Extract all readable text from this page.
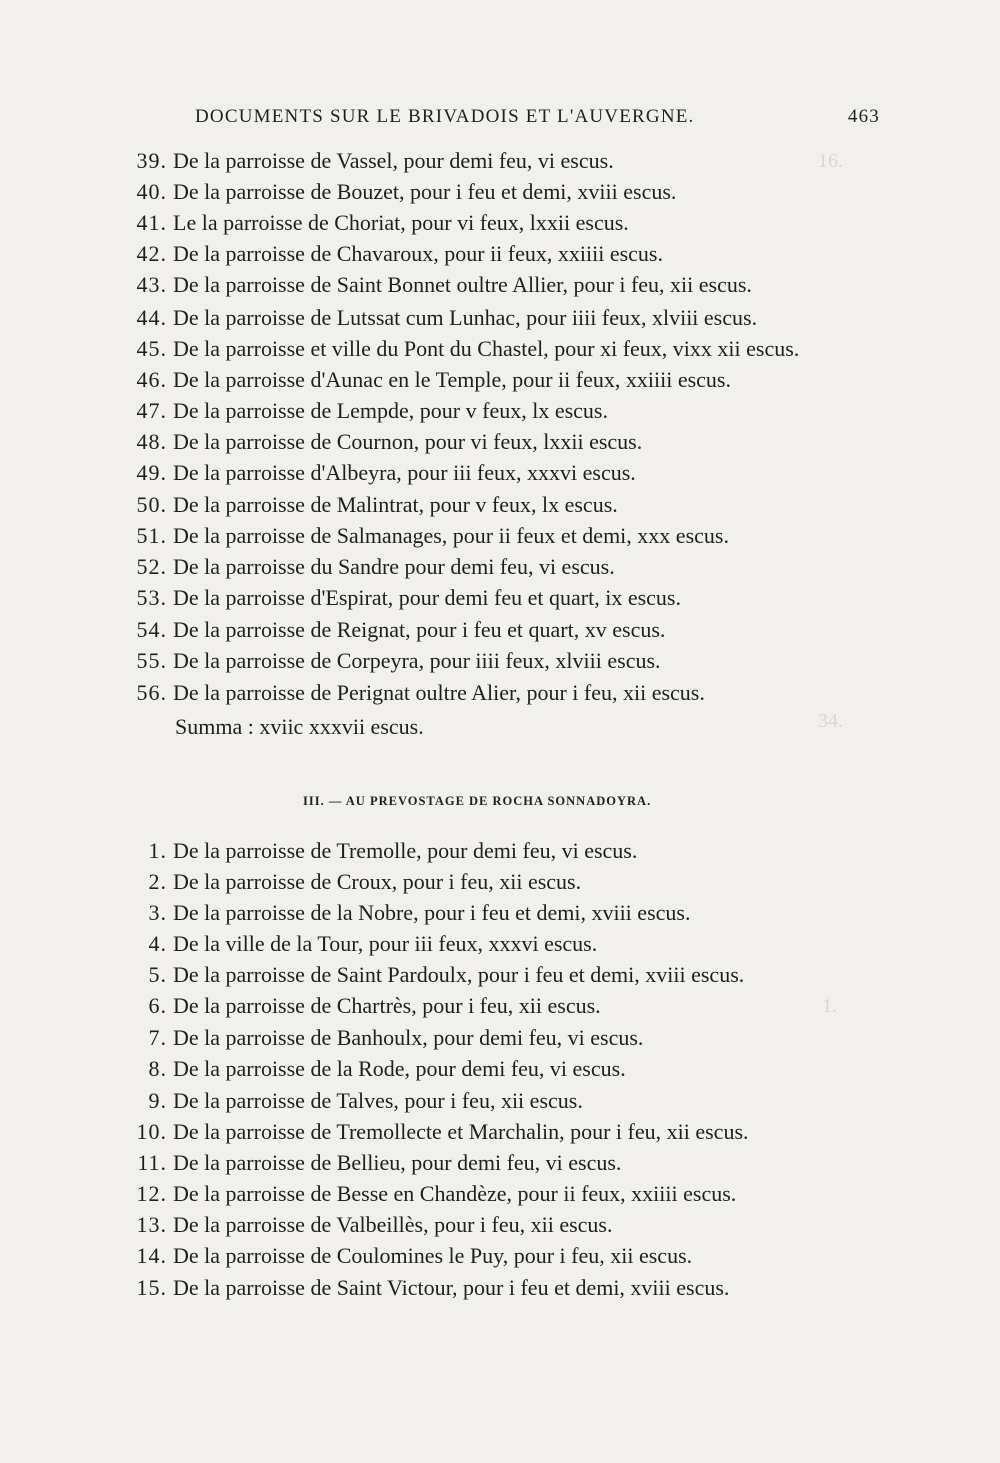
16.
34.
1.
DOCUMENTS SUR LE BRIVADOIS ET L'AUVERGNE.	463
39. De la parroisse de Vassel, pour demi feu, vi escus.
40. De la parroisse de Bouzet, pour i feu et demi, xviii escus.
41. Le la parroisse de Choriat, pour vi feux, lxxii escus.
42. De la parroisse de Chavaroux, pour ii feux, xxiiii escus.
43. De la parroisse de Saint Bonnet oultre Allier, pour i feu, xii escus.
44. De la parroisse de Lutssat cum Lunhac, pour iiii feux, xlviii escus.
45. De la parroisse et ville du Pont du Chastel, pour xi feux, vixx xii escus.
46. De la parroisse d'Aunac en le Temple, pour ii feux, xxiiii escus.
47. De la parroisse de Lempde, pour v feux, lx escus.
48. De la parroisse de Cournon, pour vi feux, lxxii escus.
49. De la parroisse d'Albeyra, pour iii feux, xxxvi escus.
50. De la parroisse de Malintrat, pour v feux, lx escus.
51. De la parroisse de Salmanages, pour ii feux et demi, xxx escus.
52. De la parroisse du Sandre pour demi feu, vi escus.
53. De la parroisse d'Espirat, pour demi feu et quart, ix escus.
54. De la parroisse de Reignat, pour i feu et quart, xv escus.
55. De la parroisse de Corpeyra, pour iiii feux, xlviii escus.
56. De la parroisse de Perignat oultre Alier, pour i feu, xii escus.
Summa : xviic xxxvii escus.
III. — AU PREVOSTAGE DE ROCHA SONNADOYRA.
1. De la parroisse de Tremolle, pour demi feu, vi escus.
2. De la parroisse de Croux, pour i feu, xii escus.
3. De la parroisse de la Nobre, pour i feu et demi, xviii escus.
4. De la ville de la Tour, pour iii feux, xxxvi escus.
5. De la parroisse de Saint Pardoulx, pour i feu et demi, xviii escus.
6. De la parroisse de Chartrès, pour i feu, xii escus.
7. De la parroisse de Banhoulx, pour demi feu, vi escus.
8. De la parroisse de la Rode, pour demi feu, vi escus.
9. De la parroisse de Talves, pour i feu, xii escus.
10. De la parroisse de Tremollecte et Marchalin, pour i feu, xii escus.
11. De la parroisse de Bellieu, pour demi feu, vi escus.
12. De la parroisse de Besse en Chandèze, pour ii feux, xxiiii escus.
13. De la parroisse de Valbeillès, pour i feu, xii escus.
14. De la parroisse de Coulomines le Puy, pour i feu, xii escus.
15. De la parroisse de Saint Victour, pour i feu et demi, xviii escus.
